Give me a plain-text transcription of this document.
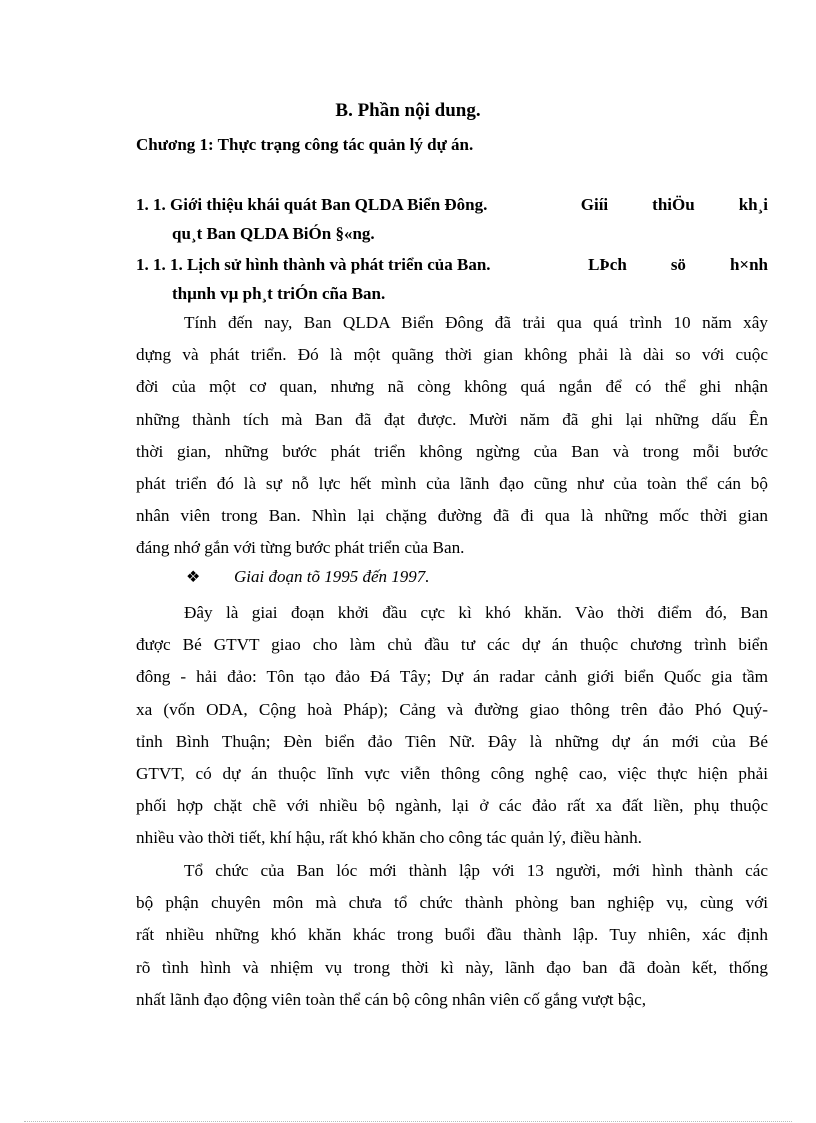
B. Phần nội dung.
Chương 1: Thực trạng công tác quản lý dự án.
1. 1. Giới thiệu khái quát Ban QLDA Biển Đông.	Giíi	thiÖu	kh¸i
qu¸t Ban QLDA BiÓn §«ng.
1. 1. 1. Lịch sử hình thành và phát triển của Ban.	LÞch	sö	h×nh
thµnh vµ ph¸t triÓn cña Ban.
Tính đến nay, Ban QLDA Biển Đông đã trải qua quá trình 10 năm xây
dựng và phát triển. Đó là một quãng thời gian không phải là dài so với cuộc
đời của một cơ quan, nhưng nã còng không quá ngắn để có thể ghi nhận
những thành tích mà Ban đã đạt được. Mười năm đã ghi lại những dấu Ên
thời gian, những bước phát triển không ngừng của Ban và trong mỗi bước
phát triển đó là sự nỗ lực hết mình của lãnh đạo cũng như của toàn thể cán bộ
nhân viên trong Ban. Nhìn lại chặng đường đã đi qua là những mốc thời gian
đáng nhớ gắn với từng bước phát triển của Ban.
❖	Giai đoạn tõ 1995 đến 1997.
Đây là giai đoạn khởi đầu cực kì khó khăn. Vào thời điểm đó, Ban
được Bé GTVT giao cho làm chủ đầu tư các dự án thuộc chương trình biển
đông - hải đảo: Tôn tạo đảo Đá Tây; Dự án radar cảnh giới biển Quốc gia tầm
xa (vốn ODA, Cộng hoà Pháp); Cảng và đường giao thông trên đảo Phó Quý-
tỉnh Bình Thuận; Đèn biển đảo Tiên Nữ. Đây là những dự án mới của Bé
GTVT, có dự án thuộc lĩnh vực viễn thông công nghệ cao, việc thực hiện phải
phối hợp chặt chẽ với nhiều bộ ngành, lại ở các đảo rất xa đất liền, phụ thuộc
nhiều vào thời tiết, khí hậu, rất khó khăn cho công tác quản lý, điều hành.
Tổ chức của Ban lóc mới thành lập với 13 người, mới hình thành các
bộ phận chuyên môn mà chưa tổ chức thành phòng ban nghiệp vụ, cùng với
rất nhiều những khó khăn khác trong buổi đầu thành lập. Tuy nhiên, xác định
rõ tình hình và nhiệm vụ trong thời kì này, lãnh đạo ban đã đoàn kết, thống
nhất lãnh đạo động viên toàn thể cán bộ công nhân viên cố gắng vượt bậc,
